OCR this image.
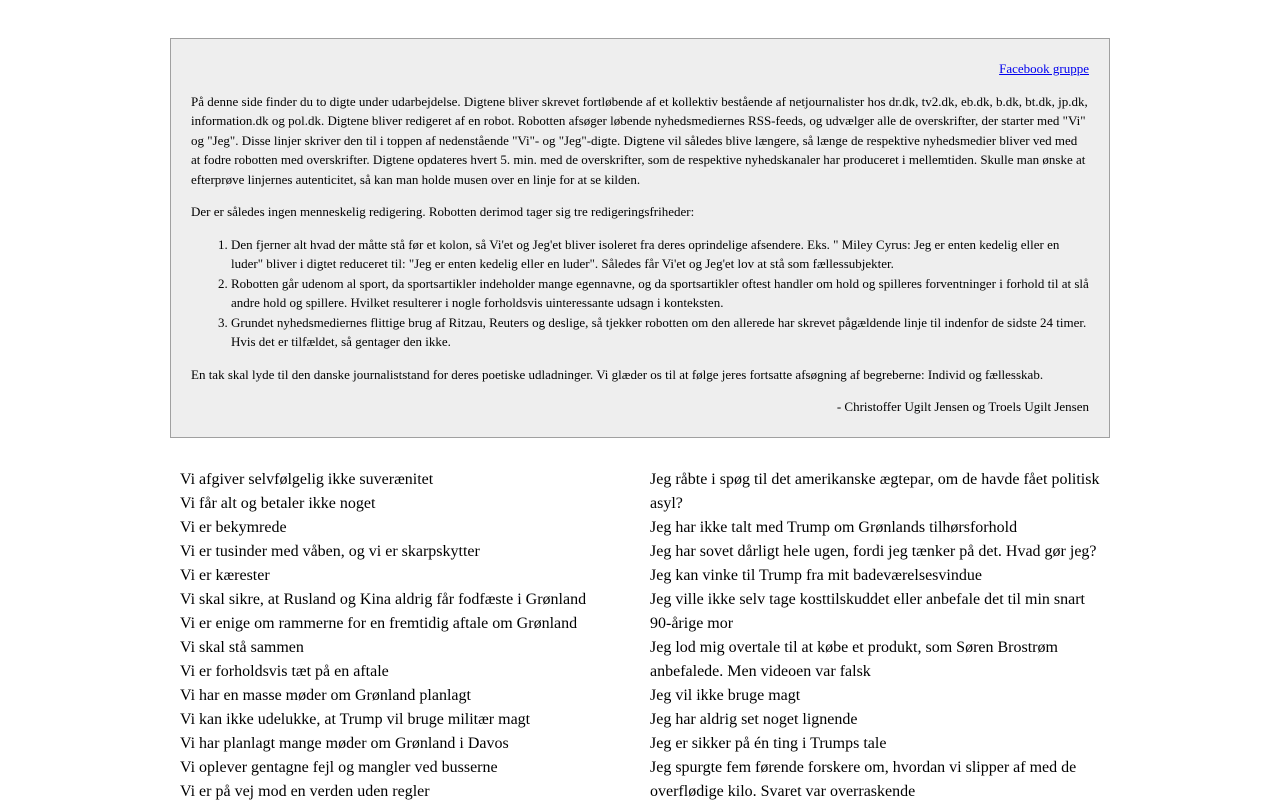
Facebook gruppe

På denne side finder du to digte under udarbejdelse. Digtene bliver skrevet fortløbende af et kollektiv bestående af netjournalister hos dr.dk, tv2.dk, eb.dk, b.dk, bt.dk, jp.dk, information.dk og pol.dk. Digtene bliver redigeret af en robot. Robotten afsøger løbende nyhedsmediernes RSS-feeds, og udvælger alle de overskrifter, der starter med "Vi" og "Jeg". Disse linjer skriver den til i toppen af nedenstående "Vi"- og "Jeg"-digte. Digtene vil således blive længere, så længe de respektive nyhedsmedier bliver ved med at fodre robotten med overskrifter. Digtene opdateres hvert 5. min. med de overskrifter, som de respektive nyhedskanaler har produceret i mellemtiden. Skulle man ønske at efterprøve linjernes autenticitet, så kan man holde musen over en linje for at se kilden.

Der er således ingen menneskelig redigering. Robotten derimod tager sig tre redigeringsfriheder:

1. Den fjerner alt hvad der måtte stå før et kolon, så Vi'et og Jeg'et bliver isoleret fra deres oprindelige afsendere. Eks. " Miley Cyrus: Jeg er enten kedelig eller en luder" bliver i digtet reduceret til: "Jeg er enten kedelig eller en luder". Således får Vi'et og Jeg'et lov at stå som fællessubjekter.
2. Robotten går udenom al sport, da sportsartikler indeholder mange egennavne, og da sportsartikler oftest handler om hold og spilleres forventninger i forhold til at slå andre hold og spillere. Hvilket resulterer i nogle forholdsvis uinteressante udsagn i konteksten.
3. Grundet nyhedsmediernes flittige brug af Ritzau, Reuters og deslige, så tjekker robotten om den allerede har skrevet pågældende linje til indenfor de sidste 24 timer. Hvis det er tilfældet, så gentager den ikke.

En tak skal lyde til den danske journaliststand for deres poetiske udladninger. Vi glæder os til at følge jeres fortsatte afsøgning af begreberne: Individ og fællesskab.

- Christoffer Ugilt Jensen og Troels Ugilt Jensen

Vi afgiver selvfølgelig ikke suverænitet
Vi får alt og betaler ikke noget
Vi er bekymrede
Vi er tusinder med våben, og vi er skarpskytter
Vi er kærester
Vi skal sikre, at Rusland og Kina aldrig får fodfæste i Grønland
Vi er enige om rammerne for en fremtidig aftale om Grønland
Vi skal stå sammen
Vi er forholdsvis tæt på en aftale
Vi har en masse møder om Grønland planlagt
Vi kan ikke udelukke, at Trump vil bruge militær magt
Vi har planlagt mange møder om Grønland i Davos
Vi oplever gentagne fejl og mangler ved busserne
Vi er på vej mod en verden uden regler
Jeg råbte i spøg til det amerikanske ægtepar, om de havde fået politisk asyl?
Jeg har ikke talt med Trump om Grønlands tilhørsforhold
Jeg har sovet dårligt hele ugen, fordi jeg tænker på det. Hvad gør jeg?
Jeg kan vinke til Trump fra mit badeværelsesvindue
Jeg ville ikke selv tage kosttilskuddet eller anbefale det til min snart 90-årige mor
Jeg lod mig overtale til at købe et produkt, som Søren Brostrøm anbefalede. Men videoen var falsk
Jeg vil ikke bruge magt
Jeg har aldrig set noget lignende
Jeg er sikker på én ting i Trumps tale
Jeg spurgte fem førende forskere om, hvordan vi slipper af med de overflødige kilo. Svaret var overraskende
